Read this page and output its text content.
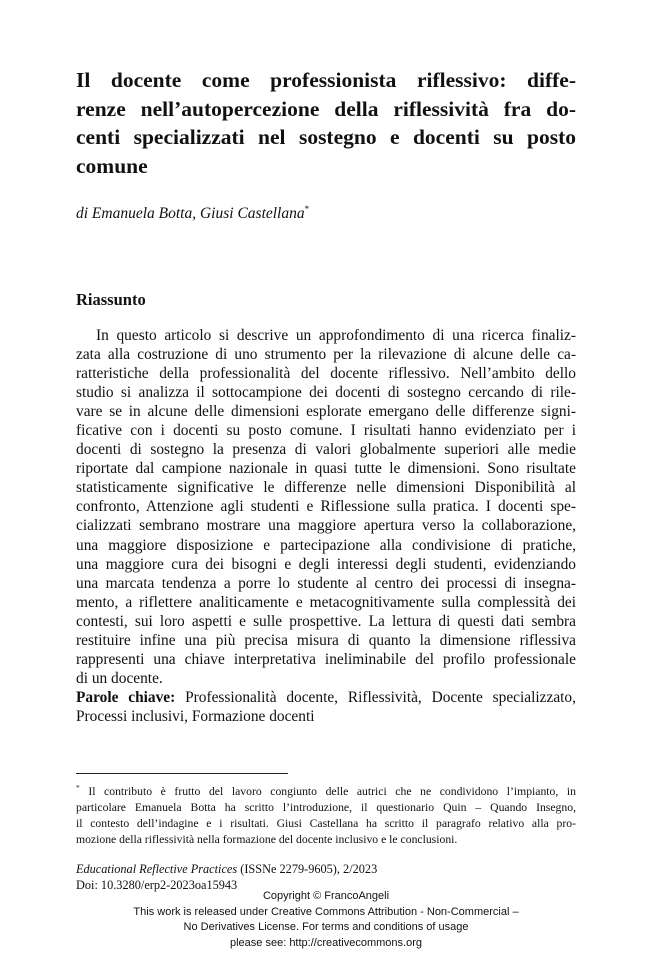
Il docente come professionista riflessivo: diffe-
renze nell’autopercezione della riflessività fra do-
centi specializzati nel sostegno e docenti su posto
comune
di Emanuela Botta, Giusi Castellana*
Riassunto
In questo articolo si descrive un approfondimento di una ricerca finaliz-
zata alla costruzione di uno strumento per la rilevazione di alcune delle ca-
ratteristiche della professionalità del docente riflessivo. Nell’ambito dello
studio si analizza il sottocampione dei docenti di sostegno cercando di rile-
vare se in alcune delle dimensioni esplorate emergano delle differenze signi-
ficative con i docenti su posto comune. I risultati hanno evidenziato per i
docenti di sostegno la presenza di valori globalmente superiori alle medie
riportate dal campione nazionale in quasi tutte le dimensioni. Sono risultate
statisticamente significative le differenze nelle dimensioni Disponibilità al
confronto, Attenzione agli studenti e Riflessione sulla pratica. I docenti spe-
cializzati sembrano mostrare una maggiore apertura verso la collaborazione,
una maggiore disposizione e partecipazione alla condivisione di pratiche,
una maggiore cura dei bisogni e degli interessi degli studenti, evidenziando
una marcata tendenza a porre lo studente al centro dei processi di insegna-
mento, a riflettere analiticamente e metacognitivamente sulla complessità dei
contesti, sui loro aspetti e sulle prospettive. La lettura di questi dati sembra
restituire infine una più precisa misura di quanto la dimensione riflessiva
rappresenti una chiave interpretativa ineliminabile del profilo professionale
di un docente.
Parole chiave: Professionalità docente, Riflessività, Docente specializzato,
Processi inclusivi, Formazione docenti
* Il contributo è frutto del lavoro congiunto delle autrici che ne condividono l’impianto, in
particolare Emanuela Botta ha scritto l’introduzione, il questionario Quin – Quando Insegno,
il contesto dell’indagine e i risultati. Giusi Castellana ha scritto il paragrafo relativo alla pro-
mozione della riflessività nella formazione del docente inclusivo e le conclusioni.
Educational Reflective Practices (ISSNe 2279-9605), 2/2023
Doi: 10.3280/erp2-2023oa15943
Copyright © FrancoAngeli
This work is released under Creative Commons Attribution - Non-Commercial –
No Derivatives License. For terms and conditions of usage
please see: http://creativecommons.org
